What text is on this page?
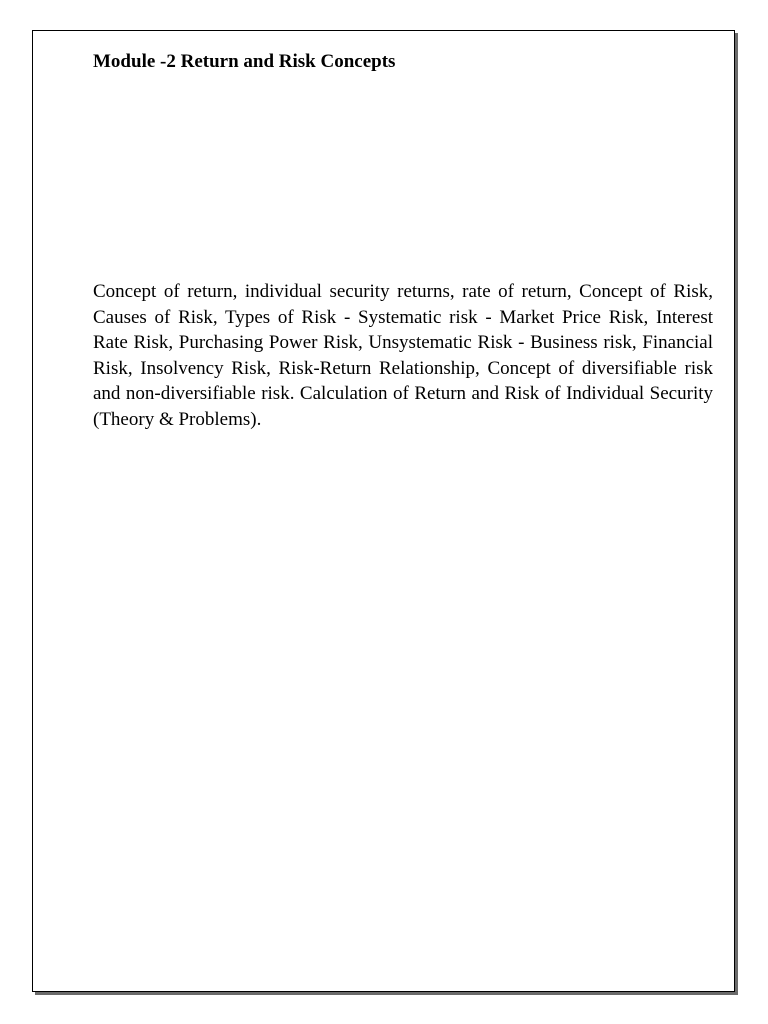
Module -2 Return and Risk Concepts

Concept of return, individual security returns, rate of return, Concept of Risk, Causes of Risk, Types of Risk - Systematic risk - Market Price Risk, Interest Rate Risk, Purchasing Power Risk, Unsystematic Risk - Business risk, Financial Risk, Insolvency Risk, Risk-Return Relationship, Concept of diversifiable risk and non-diversifiable risk. Calculation of Return and Risk of Individual Security (Theory & Problems).
